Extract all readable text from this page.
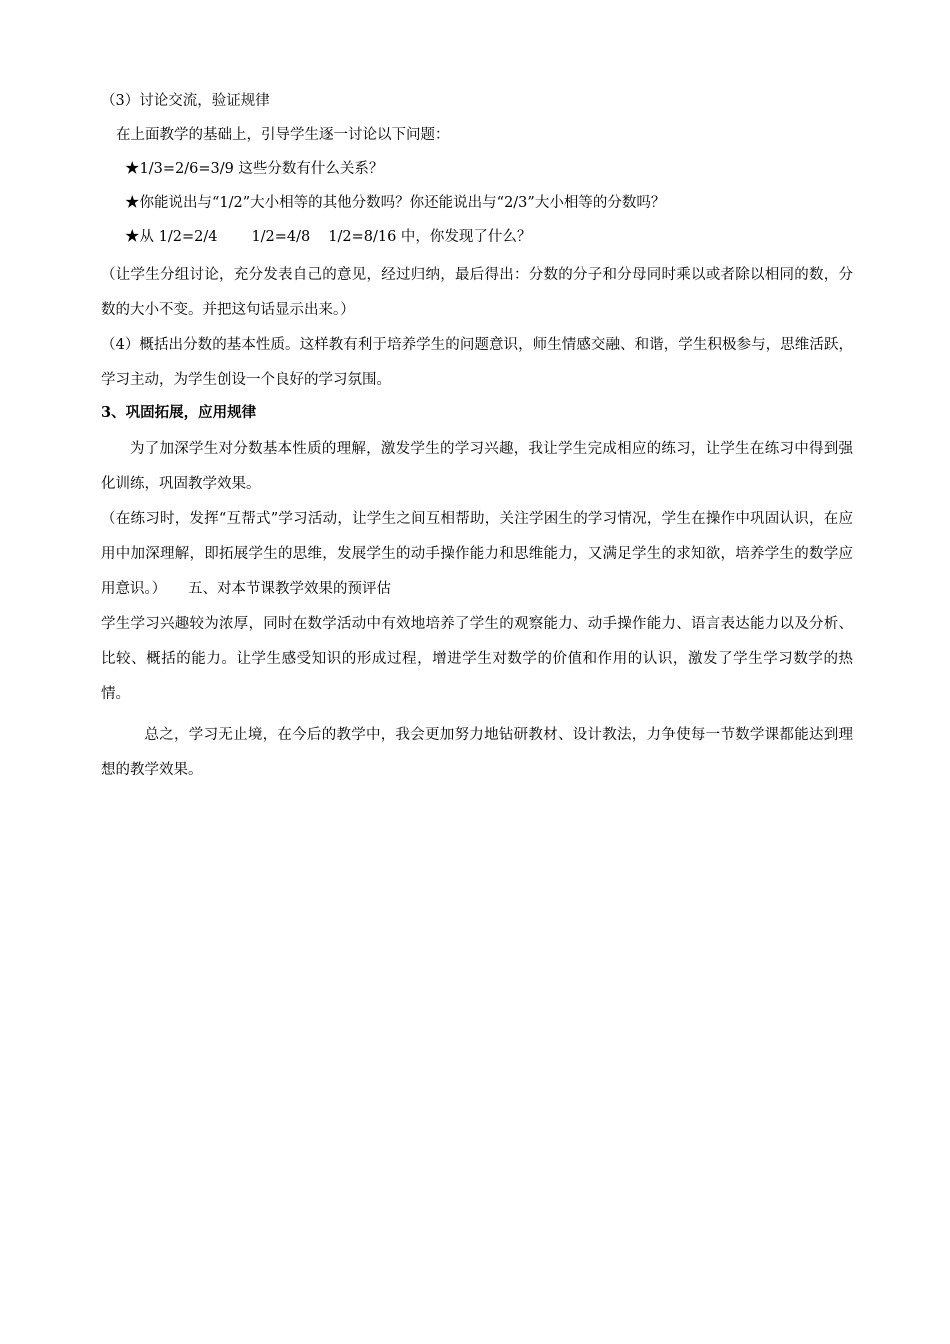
（3）讨论交流，验证规律
在上面教学的基础上，引导学生逐一讨论以下问题：
★1/3=2/6=3/9 这些分数有什么关系？
★你能说出与“1/2”大小相等的其他分数吗？你还能说出与“2/3”大小相等的分数吗？
★从 1/2=2/4 1/2=4/8 1/2=8/16 中，你发现了什么？
（让学生分组讨论，充分发表自己的意见，经过归纳，最后得出：分数的分子和分母同时乘以或者除以相同的数，分数的大小不变。并把这句话显示出来。）
（4）概括出分数的基本性质。这样教有利于培养学生的问题意识，师生情感交融、和谐，学生积极参与，思维活跃，学习主动，为学生创设一个良好的学习氛围。
3、巩固拓展，应用规律
为了加深学生对分数基本性质的理解，激发学生的学习兴趣，我让学生完成相应的练习，让学生在练习中得到强化训练，巩固教学效果。
（在练习时，发挥“互帮式”学习活动，让学生之间互相帮助，关注学困生的学习情况，学生在操作中巩固认识，在应用中加深理解，即拓展学生的思维，发展学生的动手操作能力和思维能力，又满足学生的求知欲，培养学生的数学应用意识。）　　五、对本节课教学效果的预评估
学生学习兴趣较为浓厚，同时在数学活动中有效地培养了学生的观察能力、动手操作能力、语言表达能力以及分析、比较、概括的能力。让学生感受知识的形成过程，增进学生对数学的价值和作用的认识，激发了学生学习数学的热情。
总之，学习无止境，在今后的教学中，我会更加努力地钻研教材、设计教法，力争使每一节数学课都能达到理想的教学效果。
